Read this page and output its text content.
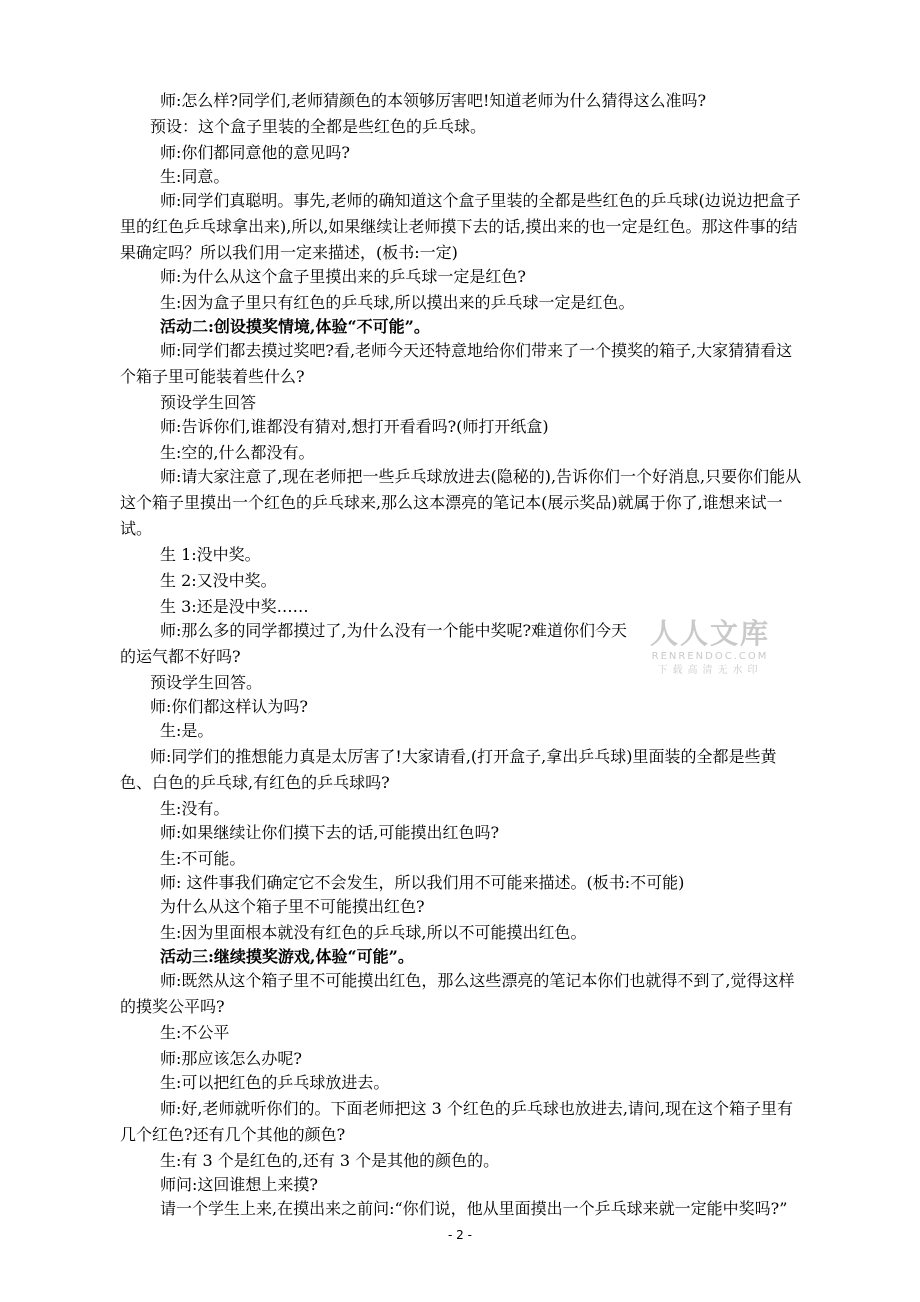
师:怎么样?同学们,老师猜颜色的本领够厉害吧!知道老师为什么猜得这么准吗?

预设：这个盒子里装的全都是些红色的乒乓球。

师:你们都同意他的意见吗?

生:同意。

师:同学们真聪明。事先,老师的确知道这个盒子里装的全都是些红色的乒乓球(边说边把盒子里的红色乒乓球拿出来),所以,如果继续让老师摸下去的话,摸出来的也一定是红色。那这件事的结果确定吗？所以我们用一定来描述，(板书:一定)

师:为什么从这个盒子里摸出来的乒乓球一定是红色?

生:因为盒子里只有红色的乒乓球,所以摸出来的乒乓球一定是红色。

活动二:创设摸奖情境,体验“不可能”。

师:同学们都去摸过奖吧?看,老师今天还特意地给你们带来了一个摸奖的箱子,大家猜猜看这个箱子里可能装着些什么?

预设学生回答

师:告诉你们,谁都没有猜对,想打开看看吗?(师打开纸盒)

生:空的,什么都没有。

师:请大家注意了,现在老师把一些乒乓球放进去(隐秘的),告诉你们一个好消息,只要你们能从这个箱子里摸出一个红色的乒乓球来,那么这本漂亮的笔记本(展示奖品)就属于你了,谁想来试一试。

生 1:没中奖。

生 2:又没中奖。

生 3:还是没中奖……

师:那么多的同学都摸过了,为什么没有一个能中奖呢?难道你们今天的运气都不好吗?

预设学生回答。

师:你们都这样认为吗?

生:是。

师:同学们的推想能力真是太厉害了!大家请看,(打开盒子,拿出乒乓球)里面装的全都是些黄色、白色的乒乓球,有红色的乒乓球吗?

生:没有。

师:如果继续让你们摸下去的话,可能摸出红色吗?

生:不可能。

师: 这件事我们确定它不会发生，所以我们用不可能来描述。(板书:不可能)

为什么从这个箱子里不可能摸出红色?

生:因为里面根本就没有红色的乒乓球,所以不可能摸出红色。

活动三:继续摸奖游戏,体验“可能”。

师:既然从这个箱子里不可能摸出红色，那么这些漂亮的笔记本你们也就得不到了,觉得这样的摸奖公平吗?

生:不公平

师:那应该怎么办呢?

生:可以把红色的乒乓球放进去。

师:好,老师就听你们的。下面老师把这 3 个红色的乒乓球也放进去,请问,现在这个箱子里有几个红色?还有几个其他的颜色?

生:有 3 个是红色的,还有 3 个是其他的颜色的。

师问:这回谁想上来摸?

请一个学生上来,在摸出来之前问:“你们说，他从里面摸出一个乒乓球来就一定能中奖吗?”

人人文库
RENRENDOC.COM
下载高清无水印
- 2 -
